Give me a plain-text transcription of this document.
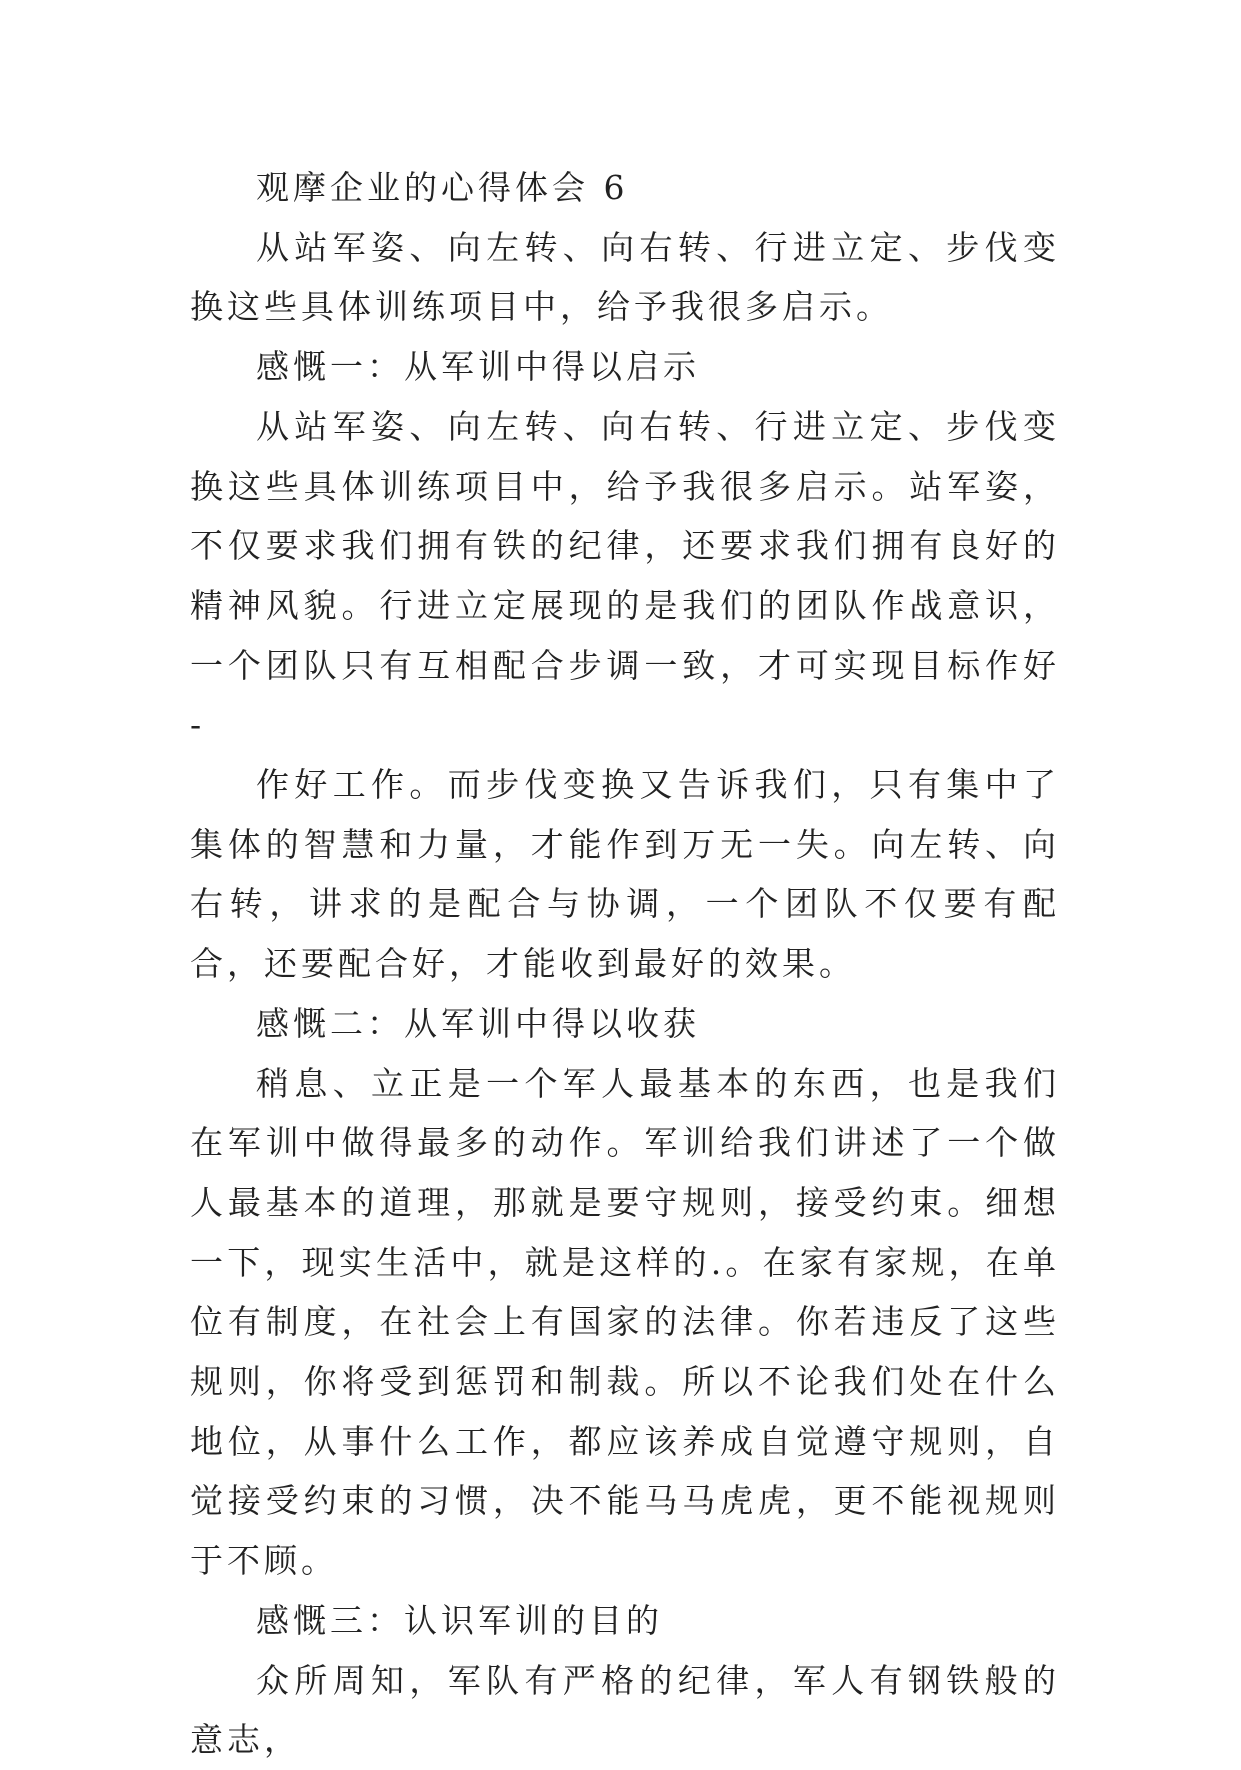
观摩企业的心得体会 6

从站军姿、向左转、向右转、行进立定、步伐变换这些具体训练项目中，给予我很多启示。

感慨一：从军训中得以启示

从站军姿、向左转、向右转、行进立定、步伐变换这些具体训练项目中，给予我很多启示。站军姿，不仅要求我们拥有铁的纪律，还要求我们拥有良好的精神风貌。行进立定展现的是我们的团队作战意识，一个团队只有互相配合步调一致，才可实现目标作好 -

作好工作。而步伐变换又告诉我们，只有集中了集体的智慧和力量，才能作到万无一失。向左转、向右转，讲求的是配合与协调，一个团队不仅要有配合，还要配合好，才能收到最好的效果。

感慨二：从军训中得以收获

稍息、立正是一个军人最基本的东西，也是我们在军训中做得最多的动作。军训给我们讲述了一个做人最基本的道理，那就是要守规则，接受约束。细想一下，现实生活中，就是这样的.。在家有家规，在单位有制度，在社会上有国家的法律。你若违反了这些规则，你将受到惩罚和制裁。所以不论我们处在什么地位，从事什么工作，都应该养成自觉遵守规则，自觉接受约束的习惯，决不能马马虎虎，更不能视规则于不顾。

感慨三：认识军训的目的

众所周知，军队有严格的纪律，军人有钢铁般的意志，
